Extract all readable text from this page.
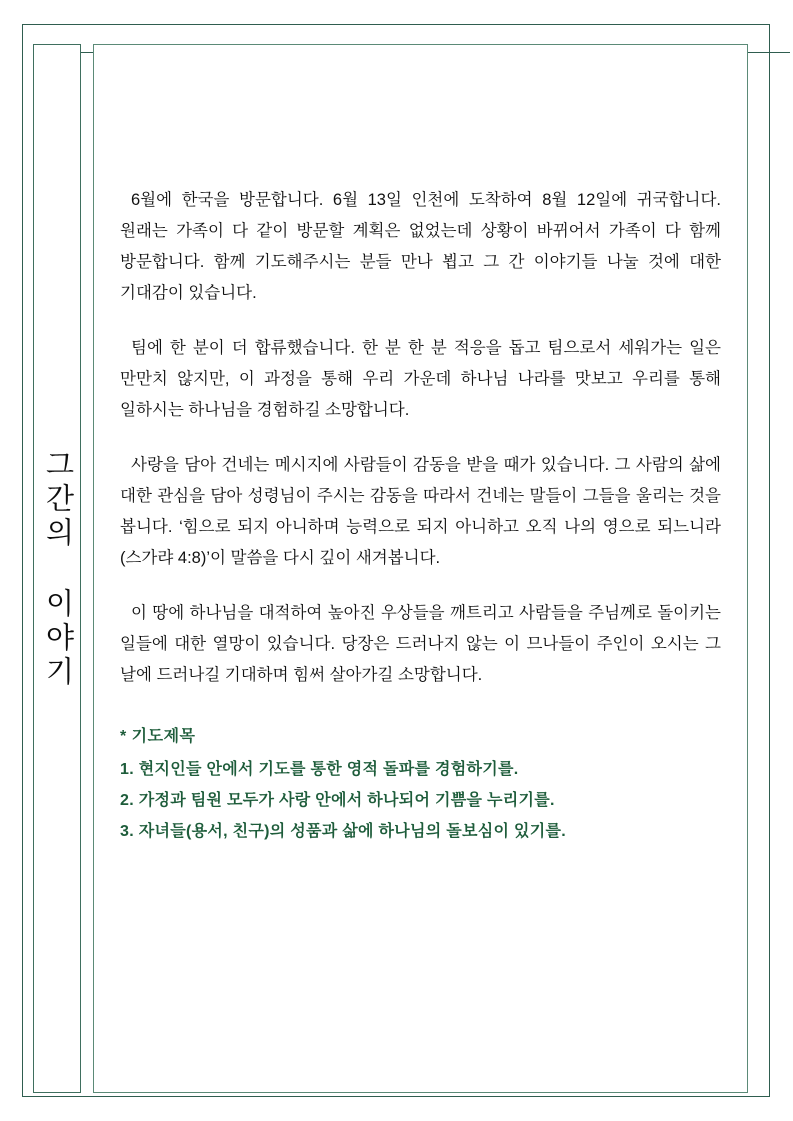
그간의 이야기

6월에 한국을 방문합니다. 6월 13일 인천에 도착하여 8월 12일에 귀국합니다. 원래는 가족이 다 같이 방문할 계획은 없었는데 상황이 바뀌어서 가족이 다 함께 방문합니다. 함께 기도해주시는 분들 만나 뵙고 그 간 이야기들 나눌 것에 대한 기대감이 있습니다.

팀에 한 분이 더 합류했습니다. 한 분 한 분 적응을 돕고 팀으로서 세워가는 일은 만만치 않지만, 이 과정을 통해 우리 가운데 하나님 나라를 맛보고 우리를 통해 일하시는 하나님을 경험하길 소망합니다.

사랑을 담아 건네는 메시지에 사람들이 감동을 받을 때가 있습니다. 그 사람의 삶에 대한 관심을 담아 성령님이 주시는 감동을 따라서 건네는 말들이 그들을 울리는 것을 봅니다. ‘힘으로 되지 아니하며 능력으로 되지 아니하고 오직 나의 영으로 되느니라(스가랴 4:8)’이 말씀을 다시 깊이 새겨봅니다.

이 땅에 하나님을 대적하여 높아진 우상들을 깨트리고 사람들을 주님께로 돌이키는 일들에 대한 열망이 있습니다. 당장은 드러나지 않는 이 므나들이 주인이 오시는 그 날에 드러나길 기대하며 힘써 살아가길 소망합니다.

* 기도제목

1. 현지인들 안에서 기도를 통한 영적 돌파를 경험하기를.

2. 가정과 팀원 모두가 사랑 안에서 하나되어 기쁨을 누리기를.

3. 자녀들(용서, 친구)의 성품과 삶에 하나님의 돌보심이 있기를.
